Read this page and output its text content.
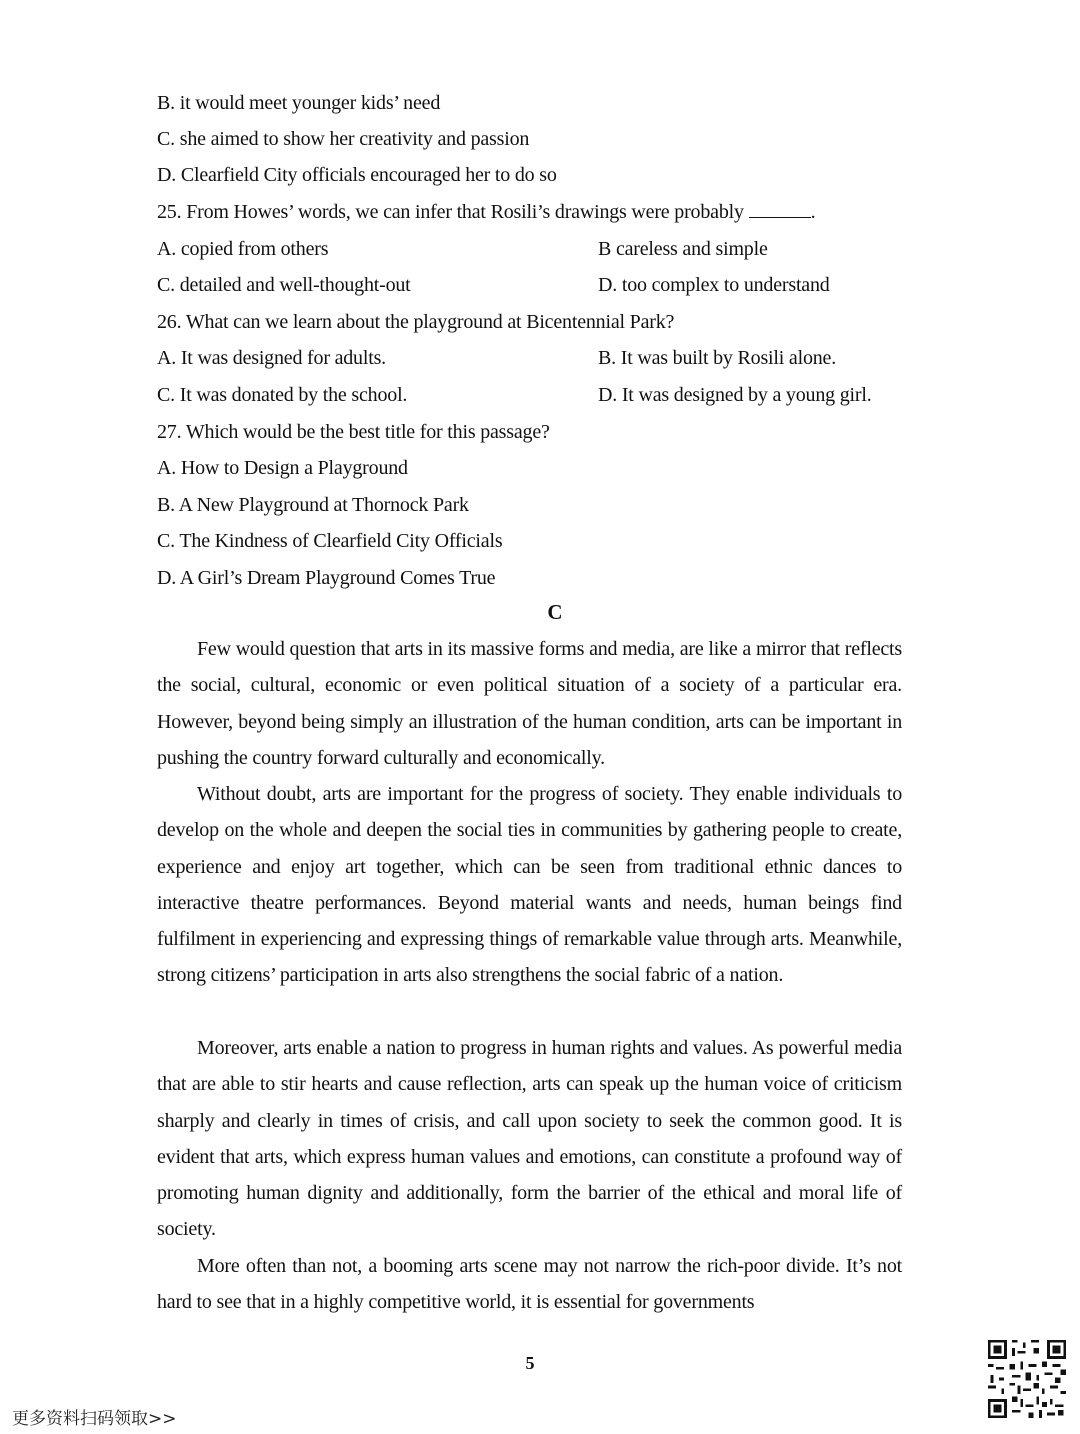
B. it would meet younger kids’ need
C. she aimed to show her creativity and passion
D. Clearfield City officials encouraged her to do so
25. From Howes’ words, we can infer that Rosili’s drawings were probably	.
A. copied from others	B careless and simple
C. detailed and well-thought-out	D. too complex to understand
26. What can we learn about the playground at Bicentennial Park?
A. It was designed for adults.	B. It was built by Rosili alone.
C. It was donated by the school.	D. It was designed by a young girl.
27. Which would be the best title for this passage?
A. How to Design a Playground
B. A New Playground at Thornock Park
C. The Kindness of Clearfield City Officials
D. A Girl’s Dream Playground Comes True
C

Few would question that arts in its massive forms and media, are like a mirror that reflects the social, cultural, economic or even political situation of a society of a particular era. However, beyond being simply an illustration of the human condition, arts can be important in pushing the country forward culturally and economically.

Without doubt, arts are important for the progress of society. They enable individuals to develop on the whole and deepen the social ties in communities by gathering people to create, experience and enjoy art together, which can be seen from traditional ethnic dances to interactive theatre performances. Beyond material wants and needs, human beings find fulfilment in experiencing and expressing things of remarkable value through arts. Meanwhile, strong citizens’ participation in arts also strengthens the social fabric of a nation.

Moreover, arts enable a nation to progress in human rights and values. As powerful media that are able to stir hearts and cause reflection, arts can speak up the human voice of criticism sharply and clearly in times of crisis, and call upon society to seek the common good. It is evident that arts, which express human values and emotions, can constitute a profound way of promoting human dignity and additionally, form the barrier of the ethical and moral life of society.

More often than not, a booming arts scene may not narrow the rich-poor divide. It’s not hard to see that in a highly competitive world, it is essential for governments

5
更多资料扫码领取>>
